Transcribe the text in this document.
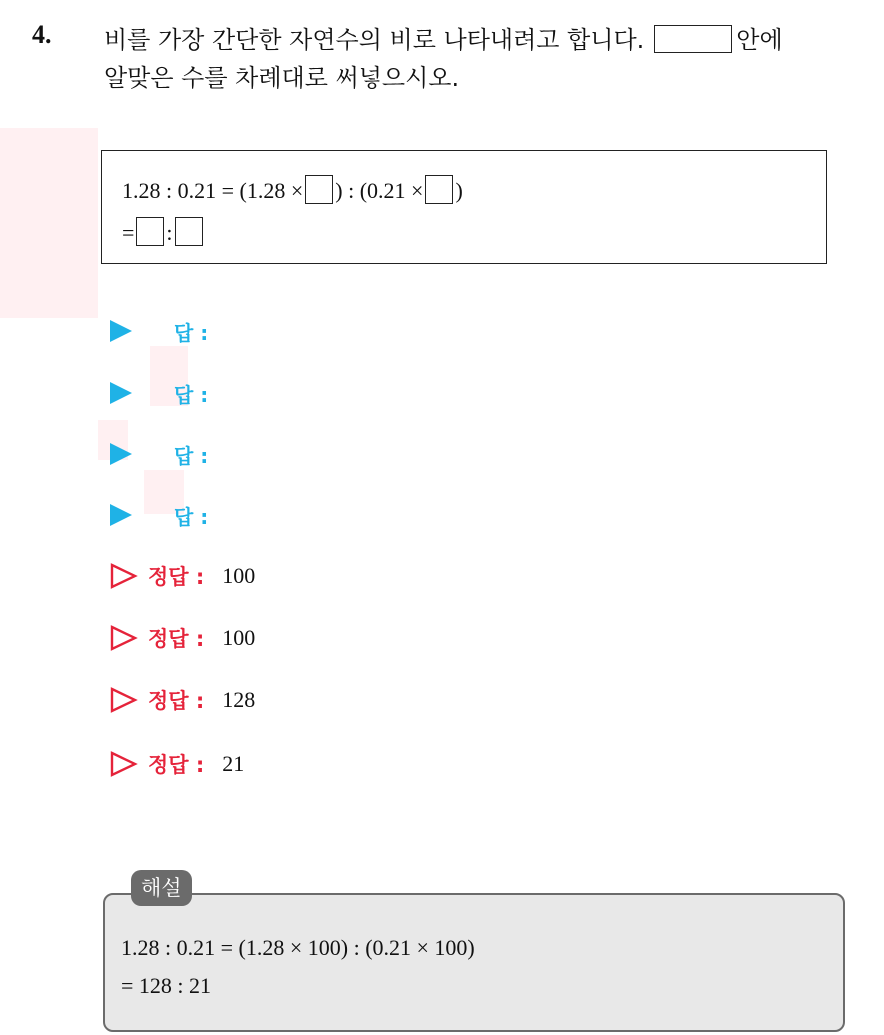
4. 비를 가장 간단한 자연수의 비로 나타내려고 합니다.	안에
알맞은 수를 차례대로 써넣으시오.
1.28 : 0.21 = (1.28 × ) : (0.21 × )
= :
답 :
답 :
답 :
답 :
정답 : 100
정답 : 100
정답 : 128
정답 : 21
1.28 : 0.21 = (1.28 × 100) : (0.21 × 100)
= 128 : 21
해설
